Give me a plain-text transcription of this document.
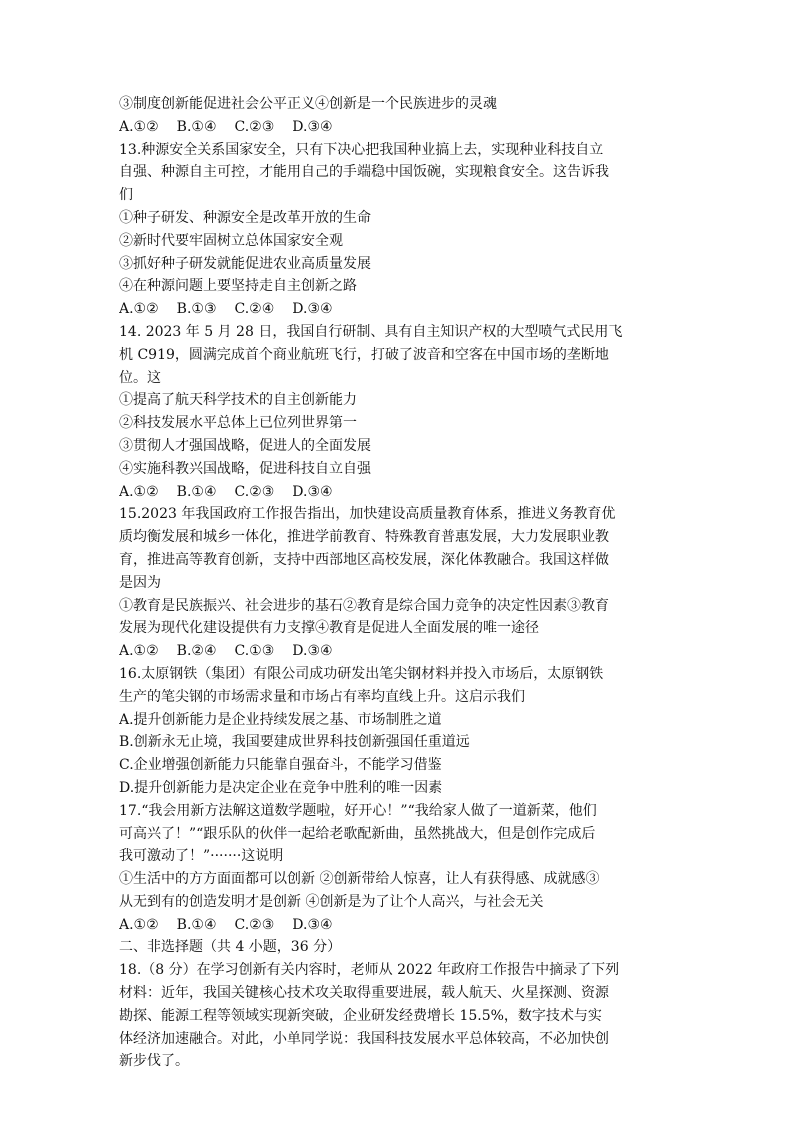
③制度创新能促进社会公平正义④创新是一个民族进步的灵魂
A.①② B.①④ C.②③ D.③④
13.种源安全关系国家安全，只有下决心把我国种业搞上去，实现种业科技自立
自强、种源自主可控，才能用自己的手端稳中国饭碗，实现粮食安全。这告诉我
们
①种子研发、种源安全是改革开放的生命
②新时代要牢固树立总体国家安全观
③抓好种子研发就能促进农业高质量发展
④在种源问题上要坚持走自主创新之路
A.①② B.①③ C.②④ D.③④
14. 2023 年 5 月 28 日，我国自行研制、具有自主知识产权的大型喷气式民用飞
机 C919，圆满完成首个商业航班飞行，打破了波音和空客在中国市场的垄断地
位。这
①提高了航天科学技术的自主创新能力
②科技发展水平总体上已位列世界第一
③贯彻人才强国战略，促进人的全面发展
④实施科教兴国战略，促进科技自立自强
A.①② B.①④ C.②③ D.③④
15.2023 年我国政府工作报告指出，加快建设高质量教育体系，推进义务教育优
质均衡发展和城乡一体化，推进学前教育、特殊教育普惠发展，大力发展职业教
育，推进高等教育创新，支持中西部地区高校发展，深化体教融合。我国这样做
是因为
①教育是民族振兴、社会进步的基石②教育是综合国力竞争的决定性因素③教育
发展为现代化建设提供有力支撑④教育是促进人全面发展的唯一途径
A.①② B.②④ C.①③ D.③④
16.太原钢铁（集团）有限公司成功研发出笔尖钢材料并投入市场后，太原钢铁
生产的笔尖钢的市场需求量和市场占有率均直线上升。这启示我们
A.提升创新能力是企业持续发展之基、市场制胜之道
B.创新永无止境，我国要建成世界科技创新强国任重道远
C.企业增强创新能力只能靠自强奋斗，不能学习借鉴
D.提升创新能力是决定企业在竞争中胜利的唯一因素
17.“我会用新方法解这道数学题啦，好开心！”“我给家人做了一道新菜，他们
可高兴了！”“跟乐队的伙伴一起给老歌配新曲，虽然挑战大，但是创作完成后
我可激动了！”·······这说明
①生活中的方方面面都可以创新 ②创新带给人惊喜，让人有获得感、成就感③
从无到有的创造发明才是创新 ④创新是为了让个人高兴，与社会无关
A.①② B.①④ C.②③ D.③④
二、非选择题（共 4 小题，36 分）
18.（8 分）在学习创新有关内容时，老师从 2022 年政府工作报告中摘录了下列
材料：近年，我国关键核心技术攻关取得重要进展，载人航天、火星探测、资源
勘探、能源工程等领域实现新突破，企业研发经费增长 15.5%，数字技术与实
体经济加速融合。对此，小单同学说：我国科技发展水平总体较高，不必加快创
新步伐了。
